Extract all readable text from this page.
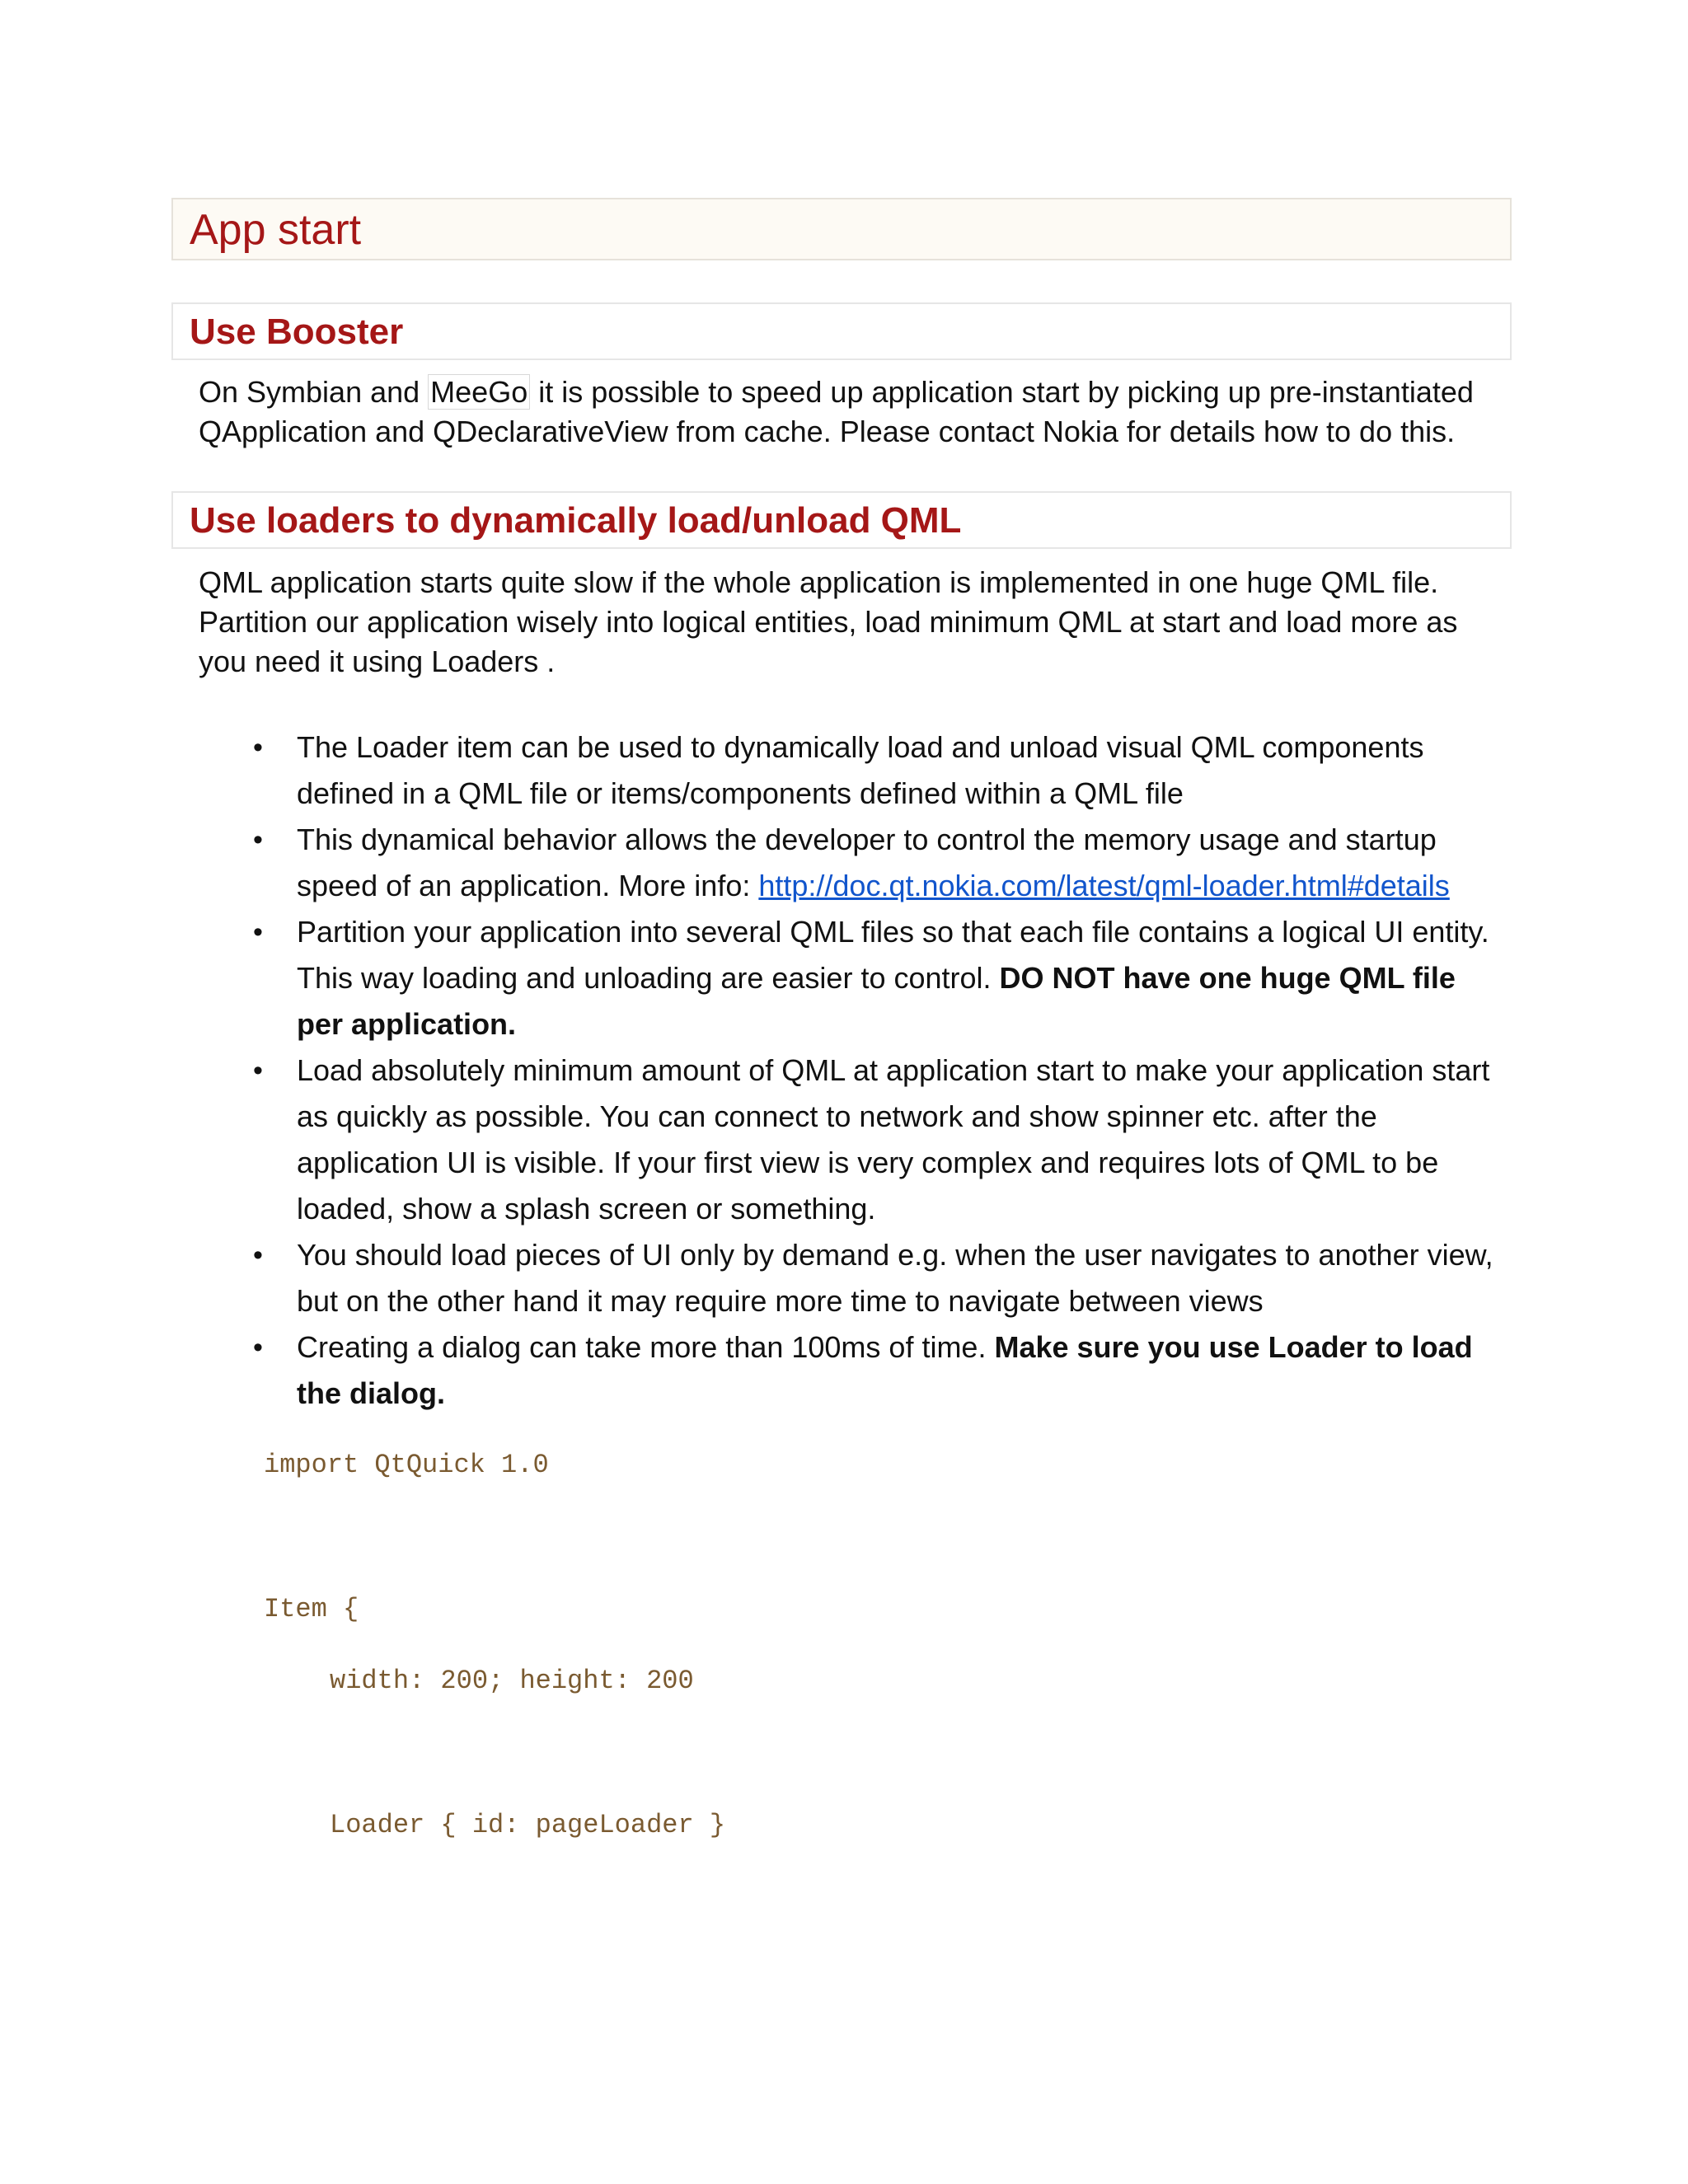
App start
Use Booster
On Symbian and MeeGo it is possible to speed up application start by picking up pre-instantiated QApplication and QDeclarativeView from cache. Please contact Nokia for details how to do this.
Use loaders to dynamically load/unload QML
QML application starts quite slow if the whole application is implemented in one huge QML file. Partition our application wisely into logical entities, load minimum QML at start and load more as you need it using Loaders .
• The Loader item can be used to dynamically load and unload visual QML components defined in a QML file or items/components defined within a QML file
• This dynamical behavior allows the developer to control the memory usage and startup speed of an application. More info: http://doc.qt.nokia.com/latest/qml-loader.html#details
• Partition your application into several QML files so that each file contains a logical UI entity. This way loading and unloading are easier to control. DO NOT have one huge QML file per application.
• Load absolutely minimum amount of QML at application start to make your application start as quickly as possible. You can connect to network and show spinner etc. after the application UI is visible. If your first view is very complex and requires lots of QML to be loaded, show a splash screen or something.
• You should load pieces of UI only by demand e.g. when the user navigates to another view, but on the other hand it may require more time to navigate between views
• Creating a dialog can take more than 100ms of time. Make sure you use Loader to load the dialog.
import QtQuick 1.0
Item {
width: 200; height: 200
Loader { id: pageLoader }
